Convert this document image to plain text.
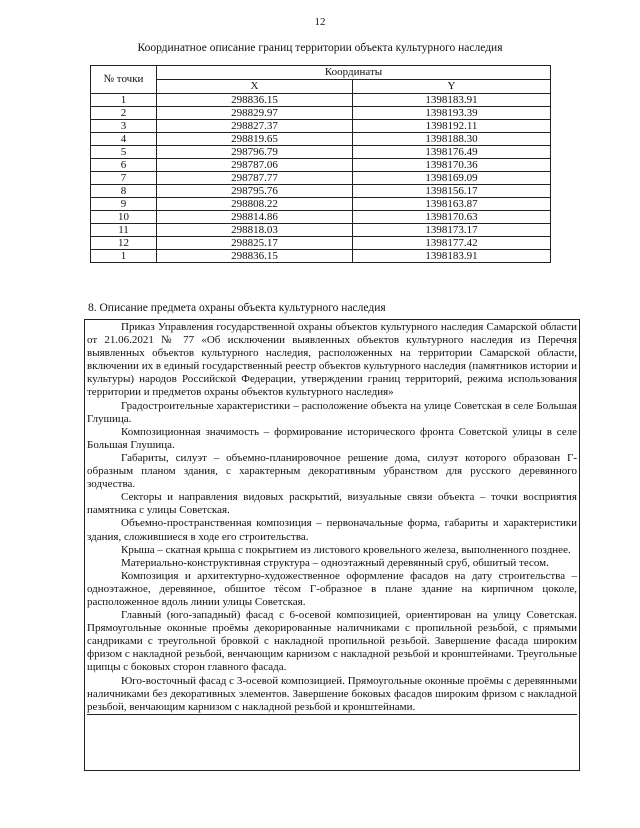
12
Координатное описание границ территории объекта культурного наследия
№ точки	Координаты	
	X	Y
1	298836.15	1398183.91
2	298829.97	1398193.39
3	298827.37	1398192.11
4	298819.65	1398188.30
5	298796.79	1398176.49
6	298787.06	1398170.36
7	298787.77	1398169.09
8	298795.76	1398156.17
9	298808.22	1398163.87
10	298814.86	1398170.63
11	298818.03	1398173.17
12	298825.17	1398177.42
1	298836.15	1398183.91
8. Описание предмета охраны объекта культурного наследия

Приказ Управления государственной охраны объектов культурного наследия Самарской области от 21.06.2021 № 77 «Об исключении выявленных объектов культурного наследия из Перечня выявленных объектов культурного наследия, расположенных на территории Самарской области, включении их в единый государственный реестр объектов культурного наследия (памятников истории и культуры) народов Российской Федерации, утверждении границ территорий, режима использования территории и предметов охраны объектов культурного наследия»

Градостроительные характеристики – расположение объекта на улице Советская в селе Большая Глушица.

Композиционная значимость – формирование исторического фронта Советской улицы в селе Большая Глушица.

Габариты, силуэт – объемно-планировочное решение дома, силуэт которого образован Г-образным планом здания, с характерным декоративным убранством для русского деревянного зодчества.

Секторы и направления видовых раскрытий, визуальные связи объекта – точки восприятия памятника с улицы Советская.

Объемно-пространственная композиция – первоначальные форма, габариты и характеристики здания, сложившиеся в ходе его строительства.

Крыша – скатная крыша с покрытием из листового кровельного железа, выполненного позднее.

Материально-конструктивная структура – одноэтажный деревянный сруб, обшитый тесом.

Композиция и архитектурно-художественное оформление фасадов на дату строительства – одноэтажное, деревянное, обшитое тёсом Г-образное в плане здание на кирпичном цоколе, расположенное вдоль линии улицы Советская.

Главный (юго-западный) фасад с 6-осевой композицией, ориентирован на улицу Советская. Прямоугольные оконные проёмы декорированные наличниками с пропильной резьбой, с прямыми сандриками с треугольной бровкой с накладной пропильной резьбой. Завершение фасада широким фризом с накладной резьбой, венчающим карнизом с накладной резьбой и кронштейнами. Треугольные щипцы с боковых сторон главного фасада.

Юго-восточный фасад с 3-осевой композицией. Прямоугольные оконные проёмы с деревянными наличниками без декоративных элементов. Завершение боковых фасадов широким фризом с накладной резьбой, венчающим карнизом с накладной резьбой и кронштейнами.
